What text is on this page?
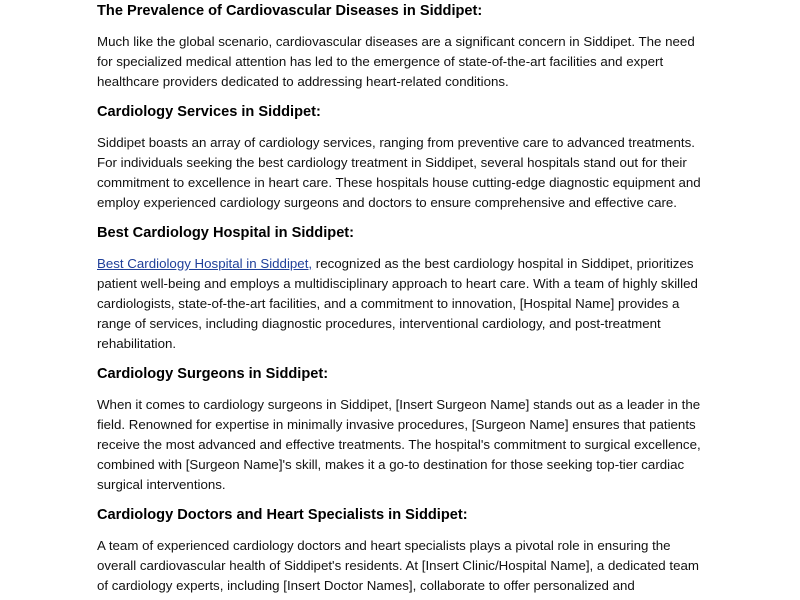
The Prevalence of Cardiovascular Diseases in Siddipet:

Much like the global scenario, cardiovascular diseases are a significant concern in Siddipet. The need for specialized medical attention has led to the emergence of state-of-the-art facilities and expert healthcare providers dedicated to addressing heart-related conditions.

Cardiology Services in Siddipet:

Siddipet boasts an array of cardiology services, ranging from preventive care to advanced treatments. For individuals seeking the best cardiology treatment in Siddipet, several hospitals stand out for their commitment to excellence in heart care. These hospitals house cutting-edge diagnostic equipment and employ experienced cardiology surgeons and doctors to ensure comprehensive and effective care.

Best Cardiology Hospital in Siddipet:

Best Cardiology Hospital in Siddipet, recognized as the best cardiology hospital in Siddipet, prioritizes patient well-being and employs a multidisciplinary approach to heart care. With a team of highly skilled cardiologists, state-of-the-art facilities, and a commitment to innovation, [Hospital Name] provides a range of services, including diagnostic procedures, interventional cardiology, and post-treatment rehabilitation.

Cardiology Surgeons in Siddipet:

When it comes to cardiology surgeons in Siddipet, [Insert Surgeon Name] stands out as a leader in the field. Renowned for expertise in minimally invasive procedures, [Surgeon Name] ensures that patients receive the most advanced and effective treatments. The hospital's commitment to surgical excellence, combined with [Surgeon Name]'s skill, makes it a go-to destination for those seeking top-tier cardiac surgical interventions.

Cardiology Doctors and Heart Specialists in Siddipet:

A team of experienced cardiology doctors and heart specialists plays a pivotal role in ensuring the overall cardiovascular health of Siddipet's residents. At [Insert Clinic/Hospital Name], a dedicated team of cardiology experts, including [Insert Doctor Names], collaborate to offer personalized and
